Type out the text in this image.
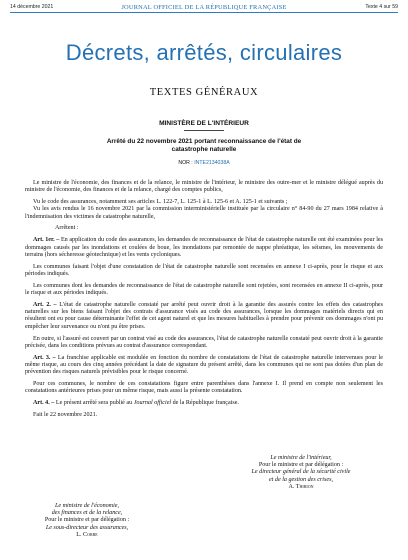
14 décembre 2021	JOURNAL OFFICIEL DE LA RÉPUBLIQUE FRANÇAISE	Texte 4 sur 59
Décrets, arrêtés, circulaires
TEXTES GÉNÉRAUX
MINISTÈRE DE L'INTÉRIEUR
Arrêté du 22 novembre 2021 portant reconnaissance de l'état de catastrophe naturelle
NOR : INTE2134038A

Le ministre de l'économie, des finances et de la relance, le ministre de l'intérieur, le ministre des outre-mer et le ministre délégué auprès du ministre de l'économie, des finances et de la relance, chargé des comptes publics,

Vu le code des assurances, notamment ses articles L. 122-7, L. 125-1 à L. 125-6 et A. 125-1 et suivants ;

Vu les avis rendus le 16 novembre 2021 par la commission interministérielle instituée par la circulaire n° 84-90 du 27 mars 1984 relative à l'indemnisation des victimes de catastrophe naturelle,

Arrêtent :

Art. 1er. – En application du code des assurances, les demandes de reconnaissance de l'état de catastrophe naturelle ont été examinées pour les dommages causés par les inondations et coulées de boue, les inondations par remontée de nappe phréatique, les séismes, les mouvements de terrains (hors sécheresse géotechnique) et les vents cycloniques.

Les communes faisant l'objet d'une constatation de l'état de catastrophe naturelle sont recensées en annexe I ci-après, pour le risque et aux périodes indiqués.

Les communes dont les demandes de reconnaissance de l'état de catastrophe naturelle sont rejetées, sont recensées en annexe II ci-après, pour le risque et aux périodes indiqués.

Art. 2. – L'état de catastrophe naturelle constaté par arrêté peut ouvrir droit à la garantie des assurés contre les effets des catastrophes naturelles sur les biens faisant l'objet des contrats d'assurance visés au code des assurances, lorsque les dommages matériels directs qui en résultent ont eu pour cause déterminante l'effet de cet agent naturel et que les mesures habituelles à prendre pour prévenir ces dommages n'ont pu empêcher leur survenance ou n'ont pu être prises.

En outre, si l'assuré est couvert par un contrat visé au code des assurances, l'état de catastrophe naturelle constaté peut ouvrir droit à la garantie précisée, dans les conditions prévues au contrat d'assurance correspondant.

Art. 3. – La franchise applicable est modulée en fonction du nombre de constatations de l'état de catastrophe naturelle intervenues pour le même risque, au cours des cinq années précédant la date de signature du présent arrêté, dans les communes qui ne sont pas dotées d'un plan de prévention des risques naturels prévisibles pour le risque concerné.

Pour ces communes, le nombre de ces constatations figure entre parenthèses dans l'annexe I. Il prend en compte non seulement les constatations antérieures prises pour un même risque, mais aussi la présente constatation.

Art. 4. – Le présent arrêté sera publié au Journal officiel de la République française.

Fait le 22 novembre 2021.

Le ministre de l'intérieur,
Pour le ministre et par délégation :
Le directeur général de la sécurité civile
et de la gestion des crises,
A. Thirion
Le ministre de l'économie,
des finances et de la relance,
Pour le ministre et par délégation :
Le sous-directeur des assurances,
L. Corre
